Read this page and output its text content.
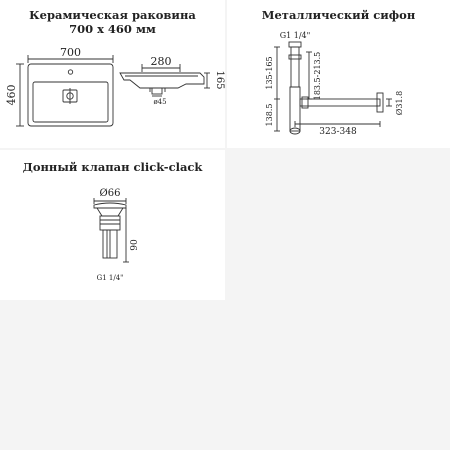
Керамическая раковина
700 х 460 мм
700
460
280
165
ø45
Металлический сифон
G1 1/4"
135-165	183.5-213.5
138.5
323-348
Ø31.8
Донный клапан click-clack
Ø66
90
G1 1/4"
